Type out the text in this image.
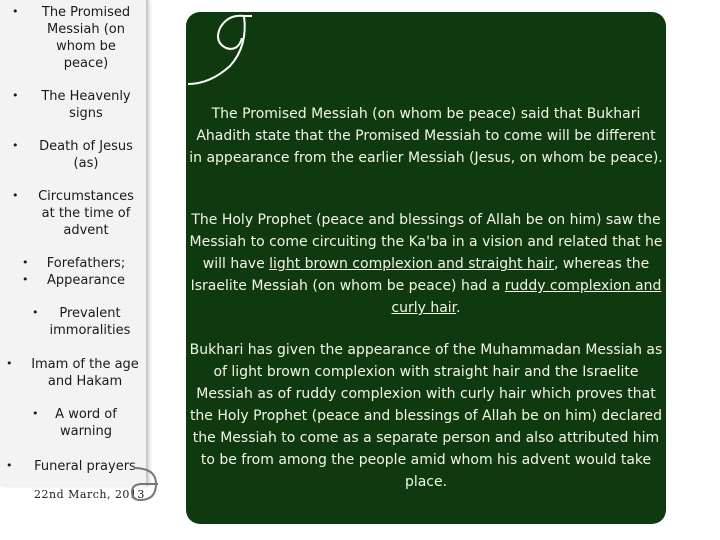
•	The Promised Messiah (on whom be peace)
•	The Heavenly signs
•	Death of Jesus (as)
•	Circumstances at the time of advent
•
•
Forefathers; Appearance
•	Prevalent immoralities
• Imam of the age and Hakam
•	A word of warning
•	Funeral prayers
22nd March, 2013
The Promised Messiah (on whom be peace) said that Bukhari Ahadith state that the Promised Messiah to come will be different in appearance from the earlier Messiah (Jesus, on whom be peace).
The Holy Prophet (peace and blessings of Allah be on him) saw the Messiah to come circuiting the Ka'ba in a vision and related that he will have light brown complexion and straight hair, whereas the Israelite Messiah (on whom be peace) had a ruddy complexion and curly hair.
Bukhari has given the appearance of the Muhammadan Messiah as of light brown complexion with straight hair and the Israelite Messiah as of ruddy complexion with curly hair which proves that the Holy Prophet (peace and blessings of Allah be on him) declared the Messiah to come as a separate person and also attributed him to be from among the people amid whom his advent would take place.
